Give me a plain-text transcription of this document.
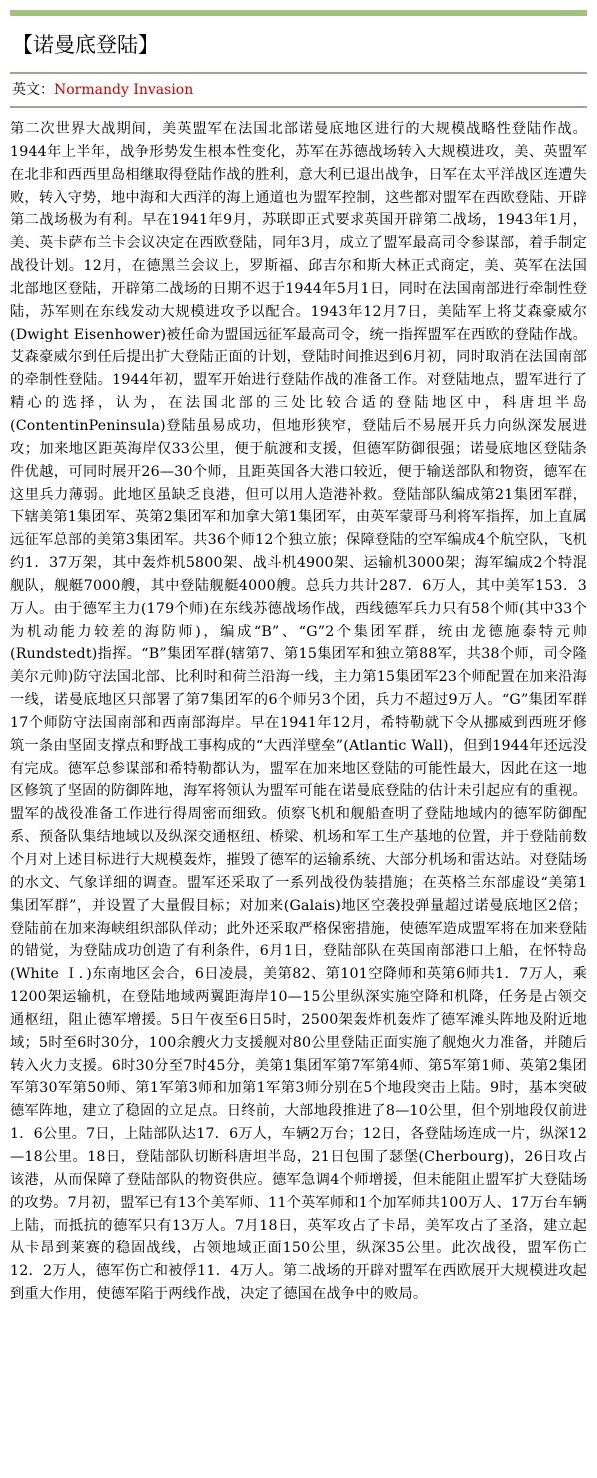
【诺曼底登陆】
英文：Normandy Invasion

第二次世界大战期间，美英盟军在法国北部诺曼底地区进行的大规模战略性登陆作战。1944年上半年，战争形势发生根本性变化，苏军在苏德战场转入大规模进攻，美、英盟军在北非和西西里岛相继取得登陆作战的胜利，意大利已退出战争，日军在太平洋战区连遭失败，转入守势，地中海和大西洋的海上通道也为盟军控制，这些都对盟军在西欧登陆、开辟第二战场极为有利。早在1941年9月，苏联即正式要求英国开辟第二战场，1943年1月，美、英卡萨布兰卡会议决定在西欧登陆，同年3月，成立了盟军最高司令参谋部，着手制定战役计划。12月，在德黑兰会议上，罗斯福、邱吉尔和斯大林正式商定，美、英军在法国北部地区登陆，开辟第二战场的日期不迟于1944年5月1日，同时在法国南部进行牵制性登陆，苏军则在东线发动大规模进攻予以配合。1943年12月7日，美陆军上将艾森豪威尔(Dwight Eisenhower)被任命为盟国远征军最高司令，统一指挥盟军在西欧的登陆作战。艾森豪威尔到任后提出扩大登陆正面的计划，登陆时间推迟到6月初，同时取消在法国南部的牵制性登陆。1944年初，盟军开始进行登陆作战的准备工作。对登陆地点，盟军进行了精心的选择，认为，在法国北部的三处比较合适的登陆地区中，科唐坦半岛(ContentinPeninsula)登陆虽易成功，但地形狭窄，登陆后不易展开兵力向纵深发展进攻；加来地区距英海岸仅33公里，便于航渡和支援，但德军防御很强；诺曼底地区登陆条件优越，可同时展开26—30个师，且距英国各大港口较近，便于输送部队和物资，德军在这里兵力薄弱。此地区虽缺乏良港，但可以用人造港补救。登陆部队编成第21集团军群，下辖美第1集团军、英第2集团军和加拿大第1集团军，由英军蒙哥马利将军指挥，加上直属远征军总部的美第3集团军。共36个师12个独立旅；保障登陆的空军编成4个航空队，飞机约1．37万架，其中轰炸机5800架、战斗机4900架、运输机3000架；海军编成2个特混舰队，舰艇7000艘，其中登陆舰艇4000艘。总兵力共计287．6万人，其中美军153．3万人。由于德军主力(179个师)在东线苏德战场作战，西线德军兵力只有58个师(其中33个为机动能力较差的海防师)，编成“B”、“G”2个集团军群，统由龙德施泰特元帅(Rundstedt)指挥。“B”集团军群(辖第7、第15集团军和独立第88军，共38个师，司令隆美尔元帅)防守法国北部、比利时和荷兰沿海一线，主力第15集团军23个师配置在加来沿海一线，诺曼底地区只部署了第7集团军的6个师另3个团，兵力不超过9万人。“G”集团军群17个师防守法国南部和西南部海岸。早在1941年12月，希特勒就下令从挪威到西班牙修筑一条由坚固支撑点和野战工事构成的“大西洋壁垒”(Atlantic Wall)，但到1944年还远没有完成。德军总参谋部和希特勒都认为，盟军在加来地区登陆的可能性最大，因此在这一地区修筑了坚固的防御阵地，海军将领认为盟军可能在诺曼底登陆的估计未引起应有的重视。盟军的战役准备工作进行得周密而细致。侦察飞机和舰船查明了登陆地域内的德军防御配系、预备队集结地域以及纵深交通枢纽、桥梁、机场和军工生产基地的位置，并于登陆前数个月对上述目标进行大规模轰炸，摧毁了德军的运输系统、大部分机场和雷达站。对登陆场的水文、气象详细的调查。盟军还采取了一系列战役伪装措施；在英格兰东部虚设“美第1集团军群”，并设置了大量假目标；对加来(Galais)地区空袭投弹量超过诺曼底地区2倍；登陆前在加来海峡组织部队佯动；此外还采取严格保密措施，使德军造成盟军将在加来登陆的错觉，为登陆成功创造了有利条件，6月1日，登陆部队在英国南部港口上船，在怀特岛(White Ｉ．)东南地区会合，6日凌晨，美第82、第101空降师和英第6师共1．7万人，乘1200架运输机，在登陆地域两翼距海岸10—15公里纵深实施空降和机降，任务是占领交通枢纽，阻止德军增援。5日午夜至6日5时，2500架轰炸机轰炸了德军滩头阵地及附近地域；5时至6时30分，100余艘火力支援舰对80公里登陆正面实施了舰炮火力准备，并随后转入火力支援。6时30分至7时45分，美第1集团军第7军第4师、第5军第1师、英第2集团军第30军第50师、第1军第3师和加第1军第3师分别在5个地段突击上陆。9时，基本突破德军阵地，建立了稳固的立足点。日终前，大部地段推进了8—10公里，但个别地段仅前进1．6公里。7日，上陆部队达17．6万人，车辆2万台；12日，各登陆场连成一片，纵深12—18公里。18日，登陆部队切断科唐坦半岛，21日包围了瑟堡(Cherbourg)，26日攻占该港，从而保障了登陆部队的物资供应。德军急调4个师增援，但未能阻止盟军扩大登陆场的攻势。7月初，盟军已有13个美军师、11个英军师和1个加军师共100万人、17万台车辆上陆，而抵抗的德军只有13万人。7月18日，英军攻占了卡昂，美军攻占了圣洛，建立起从卡昂到莱赛的稳固战线，占领地域正面150公里，纵深35公里。此次战役，盟军伤亡12．2万人，德军伤亡和被俘11．4万人。第二战场的开辟对盟军在西欧展开大规模进攻起到重大作用，使德军陷于两线作战，决定了德国在战争中的败局。
